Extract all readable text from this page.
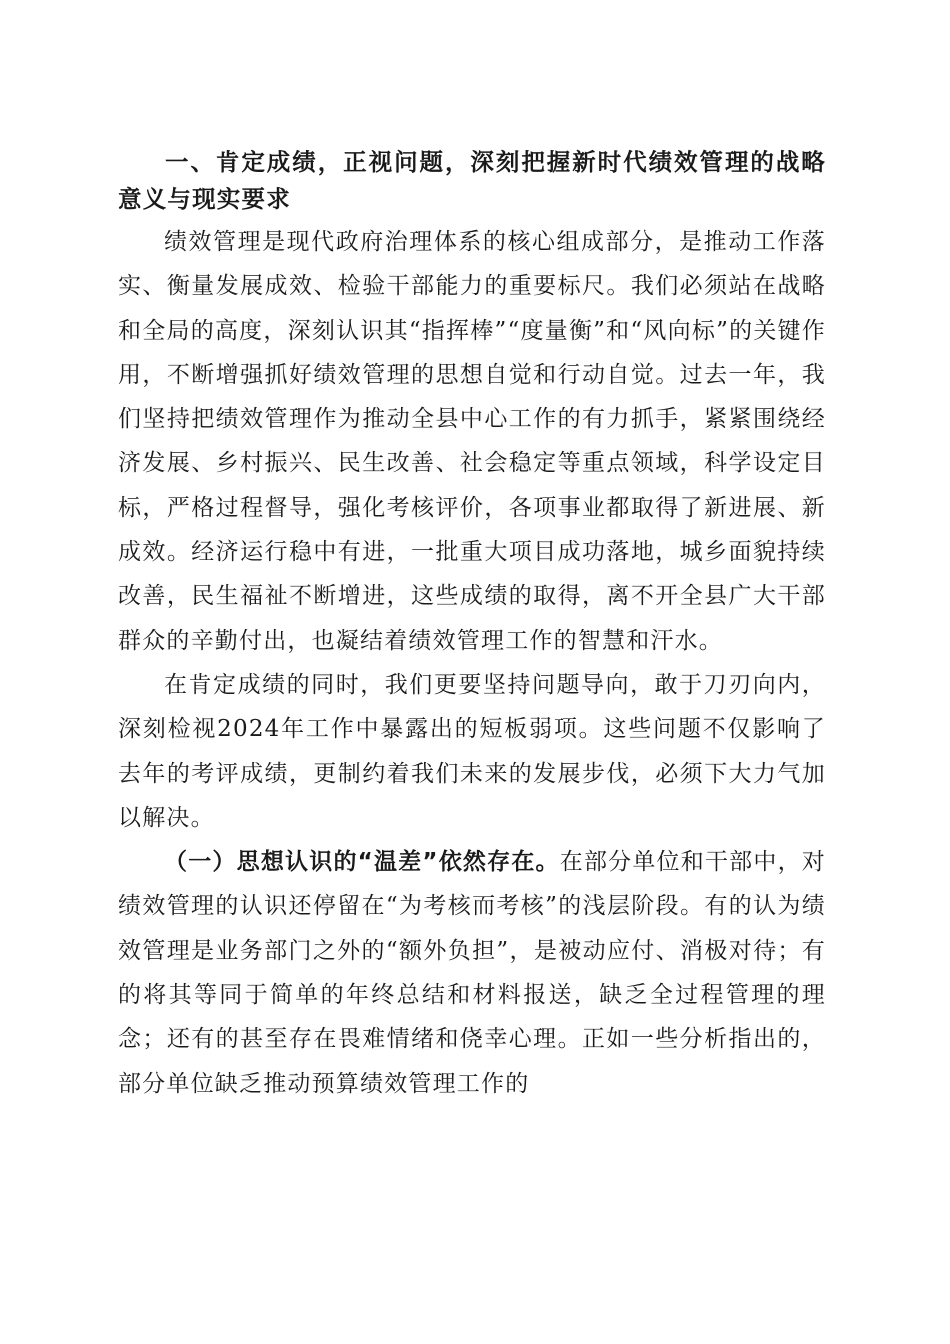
一、肯定成绩，正视问题，深刻把握新时代绩效管理的战略意义与现实要求

绩效管理是现代政府治理体系的核心组成部分，是推动工作落实、衡量发展成效、检验干部能力的重要标尺。我们必须站在战略和全局的高度，深刻认识其“指挥棒”“度量衡”和“风向标”的关键作用，不断增强抓好绩效管理的思想自觉和行动自觉。过去一年，我们坚持把绩效管理作为推动全县中心工作的有力抓手，紧紧围绕经济发展、乡村振兴、民生改善、社会稳定等重点领域，科学设定目标，严格过程督导，强化考核评价，各项事业都取得了新进展、新成效。经济运行稳中有进，一批重大项目成功落地，城乡面貌持续改善，民生福祉不断增进，这些成绩的取得，离不开全县广大干部群众的辛勤付出，也凝结着绩效管理工作的智慧和汗水。

在肯定成绩的同时，我们更要坚持问题导向，敢于刀刃向内，深刻检视2024年工作中暴露出的短板弱项。这些问题不仅影响了去年的考评成绩，更制约着我们未来的发展步伐，必须下大力气加以解决。

（一）思想认识的“温差”依然存在。在部分单位和干部中，对绩效管理的认识还停留在“为考核而考核”的浅层阶段。有的认为绩效管理是业务部门之外的“额外负担”，是被动应付、消极对待；有的将其等同于简单的年终总结和材料报送，缺乏全过程管理的理念；还有的甚至存在畏难情绪和侥幸心理。正如一些分析指出的，部分单位缺乏推动预算绩效管理工作的
